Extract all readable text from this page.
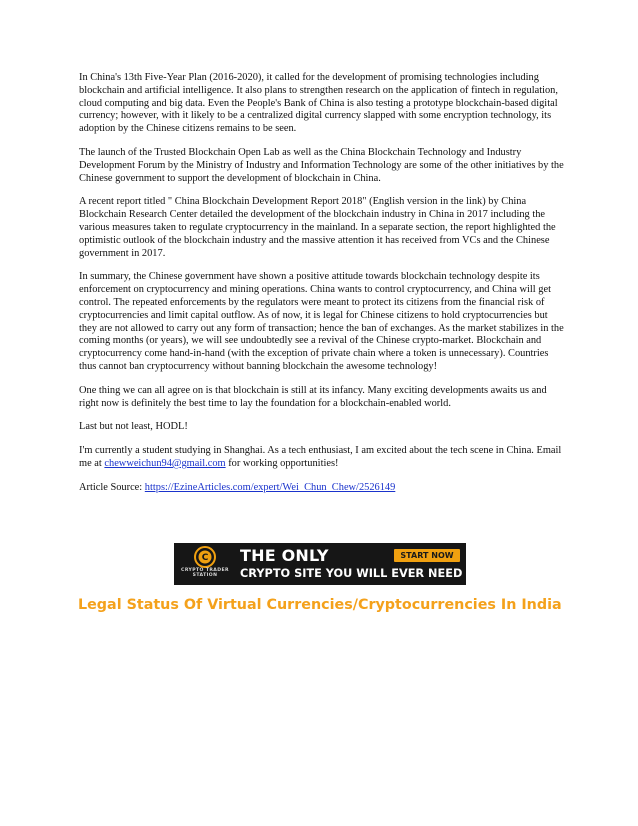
In China's 13th Five-Year Plan (2016-2020), it called for the development of promising technologies including blockchain and artificial intelligence. It also plans to strengthen research on the application of fintech in regulation, cloud computing and big data. Even the People's Bank of China is also testing a prototype blockchain-based digital currency; however, with it likely to be a centralized digital currency slapped with some encryption technology, its adoption by the Chinese citizens remains to be seen.

The launch of the Trusted Blockchain Open Lab as well as the China Blockchain Technology and Industry Development Forum by the Ministry of Industry and Information Technology are some of the other initiatives by the Chinese government to support the development of blockchain in China.

A recent report titled " China Blockchain Development Report 2018" (English version in the link) by China Blockchain Research Center detailed the development of the blockchain industry in China in 2017 including the various measures taken to regulate cryptocurrency in the mainland. In a separate section, the report highlighted the optimistic outlook of the blockchain industry and the massive attention it has received from VCs and the Chinese government in 2017.

In summary, the Chinese government have shown a positive attitude towards blockchain technology despite its enforcement on cryptocurrency and mining operations. China wants to control cryptocurrency, and China will get control. The repeated enforcements by the regulators were meant to protect its citizens from the financial risk of cryptocurrencies and limit capital outflow. As of now, it is legal for Chinese citizens to hold cryptocurrencies but they are not allowed to carry out any form of transaction; hence the ban of exchanges. As the market stabilizes in the coming months (or years), we will see undoubtedly see a revival of the Chinese crypto-market. Blockchain and cryptocurrency come hand-in-hand (with the exception of private chain where a token is unnecessary). Countries thus cannot ban cryptocurrency without banning blockchain the awesome technology!

One thing we can all agree on is that blockchain is still at its infancy. Many exciting developments awaits us and right now is definitely the best time to lay the foundation for a blockchain-enabled world.

Last but not least, HODL!

I'm currently a student studying in Shanghai. As a tech enthusiast, I am excited about the tech scene in China. Email me at chewweichun94@gmail.com for working opportunities!

Article Source: https://EzineArticles.com/expert/Wei_Chun_Chew/2526149

C
CRYPTO TRADER
STATION
THE ONLY
CRYPTO SITE YOU WILL EVER NEED
START NOW
Legal Status Of Virtual Currencies/Cryptocurrencies In India
